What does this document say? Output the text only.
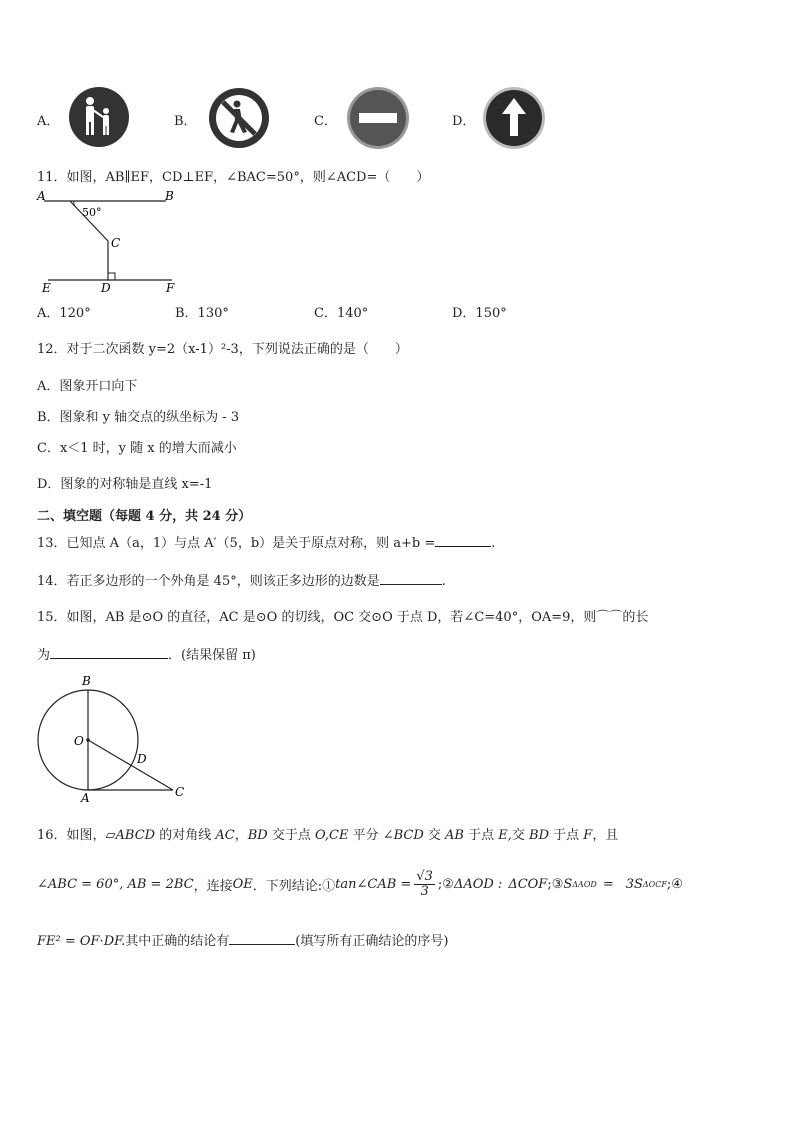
A．	B．	C．	D．
11．如图，AB∥EF，CD⊥EF，∠BAC=50°，则∠ACD=（　　）
A	B
50°
C
E	D	F
A．120°	B．130°	C．140°	D．150°
12．对于二次函数 y=2（x-1）²-3，下列说法正确的是（　　）
A．图象开口向下
B．图象和 y 轴交点的纵坐标为 - 3
C．x＜1 时，y 随 x 的增大而减小
D．图象的对称轴是直线 x=-1
二、填空题（每题 4 分，共 24 分）
13．已知点 A（a，1）与点 A′（5，b）是关于原点对称，则 a+b =	.
14．若正多边形的一个外角是 45°，则该正多边形的边数是	.
15．如图，AB 是⊙O 的直径，AC 是⊙O 的切线，OC 交⊙O 于点 D，若∠C=40°，OA=9，则⌒⌒的长
为	．(结果保留 π)
B
O
D
A	C
16．如图，▱ABCD 的对角线 AC，BD 交于点 O,CE 平分 ∠BCD 交 AB 于点 E,交 BD 于点 F，且
∠ABC = 60°, AB = 2BC ，连接 OE ．下列结论:① tan∠CAB = $\frac{√3}{3}$ ;② ΔAOD : ΔCOF ;③ S ΔAOD = 3S ΔOCF ;④
FE² = OF·DF.其中正确的结论有	(填写所有正确结论的序号)
